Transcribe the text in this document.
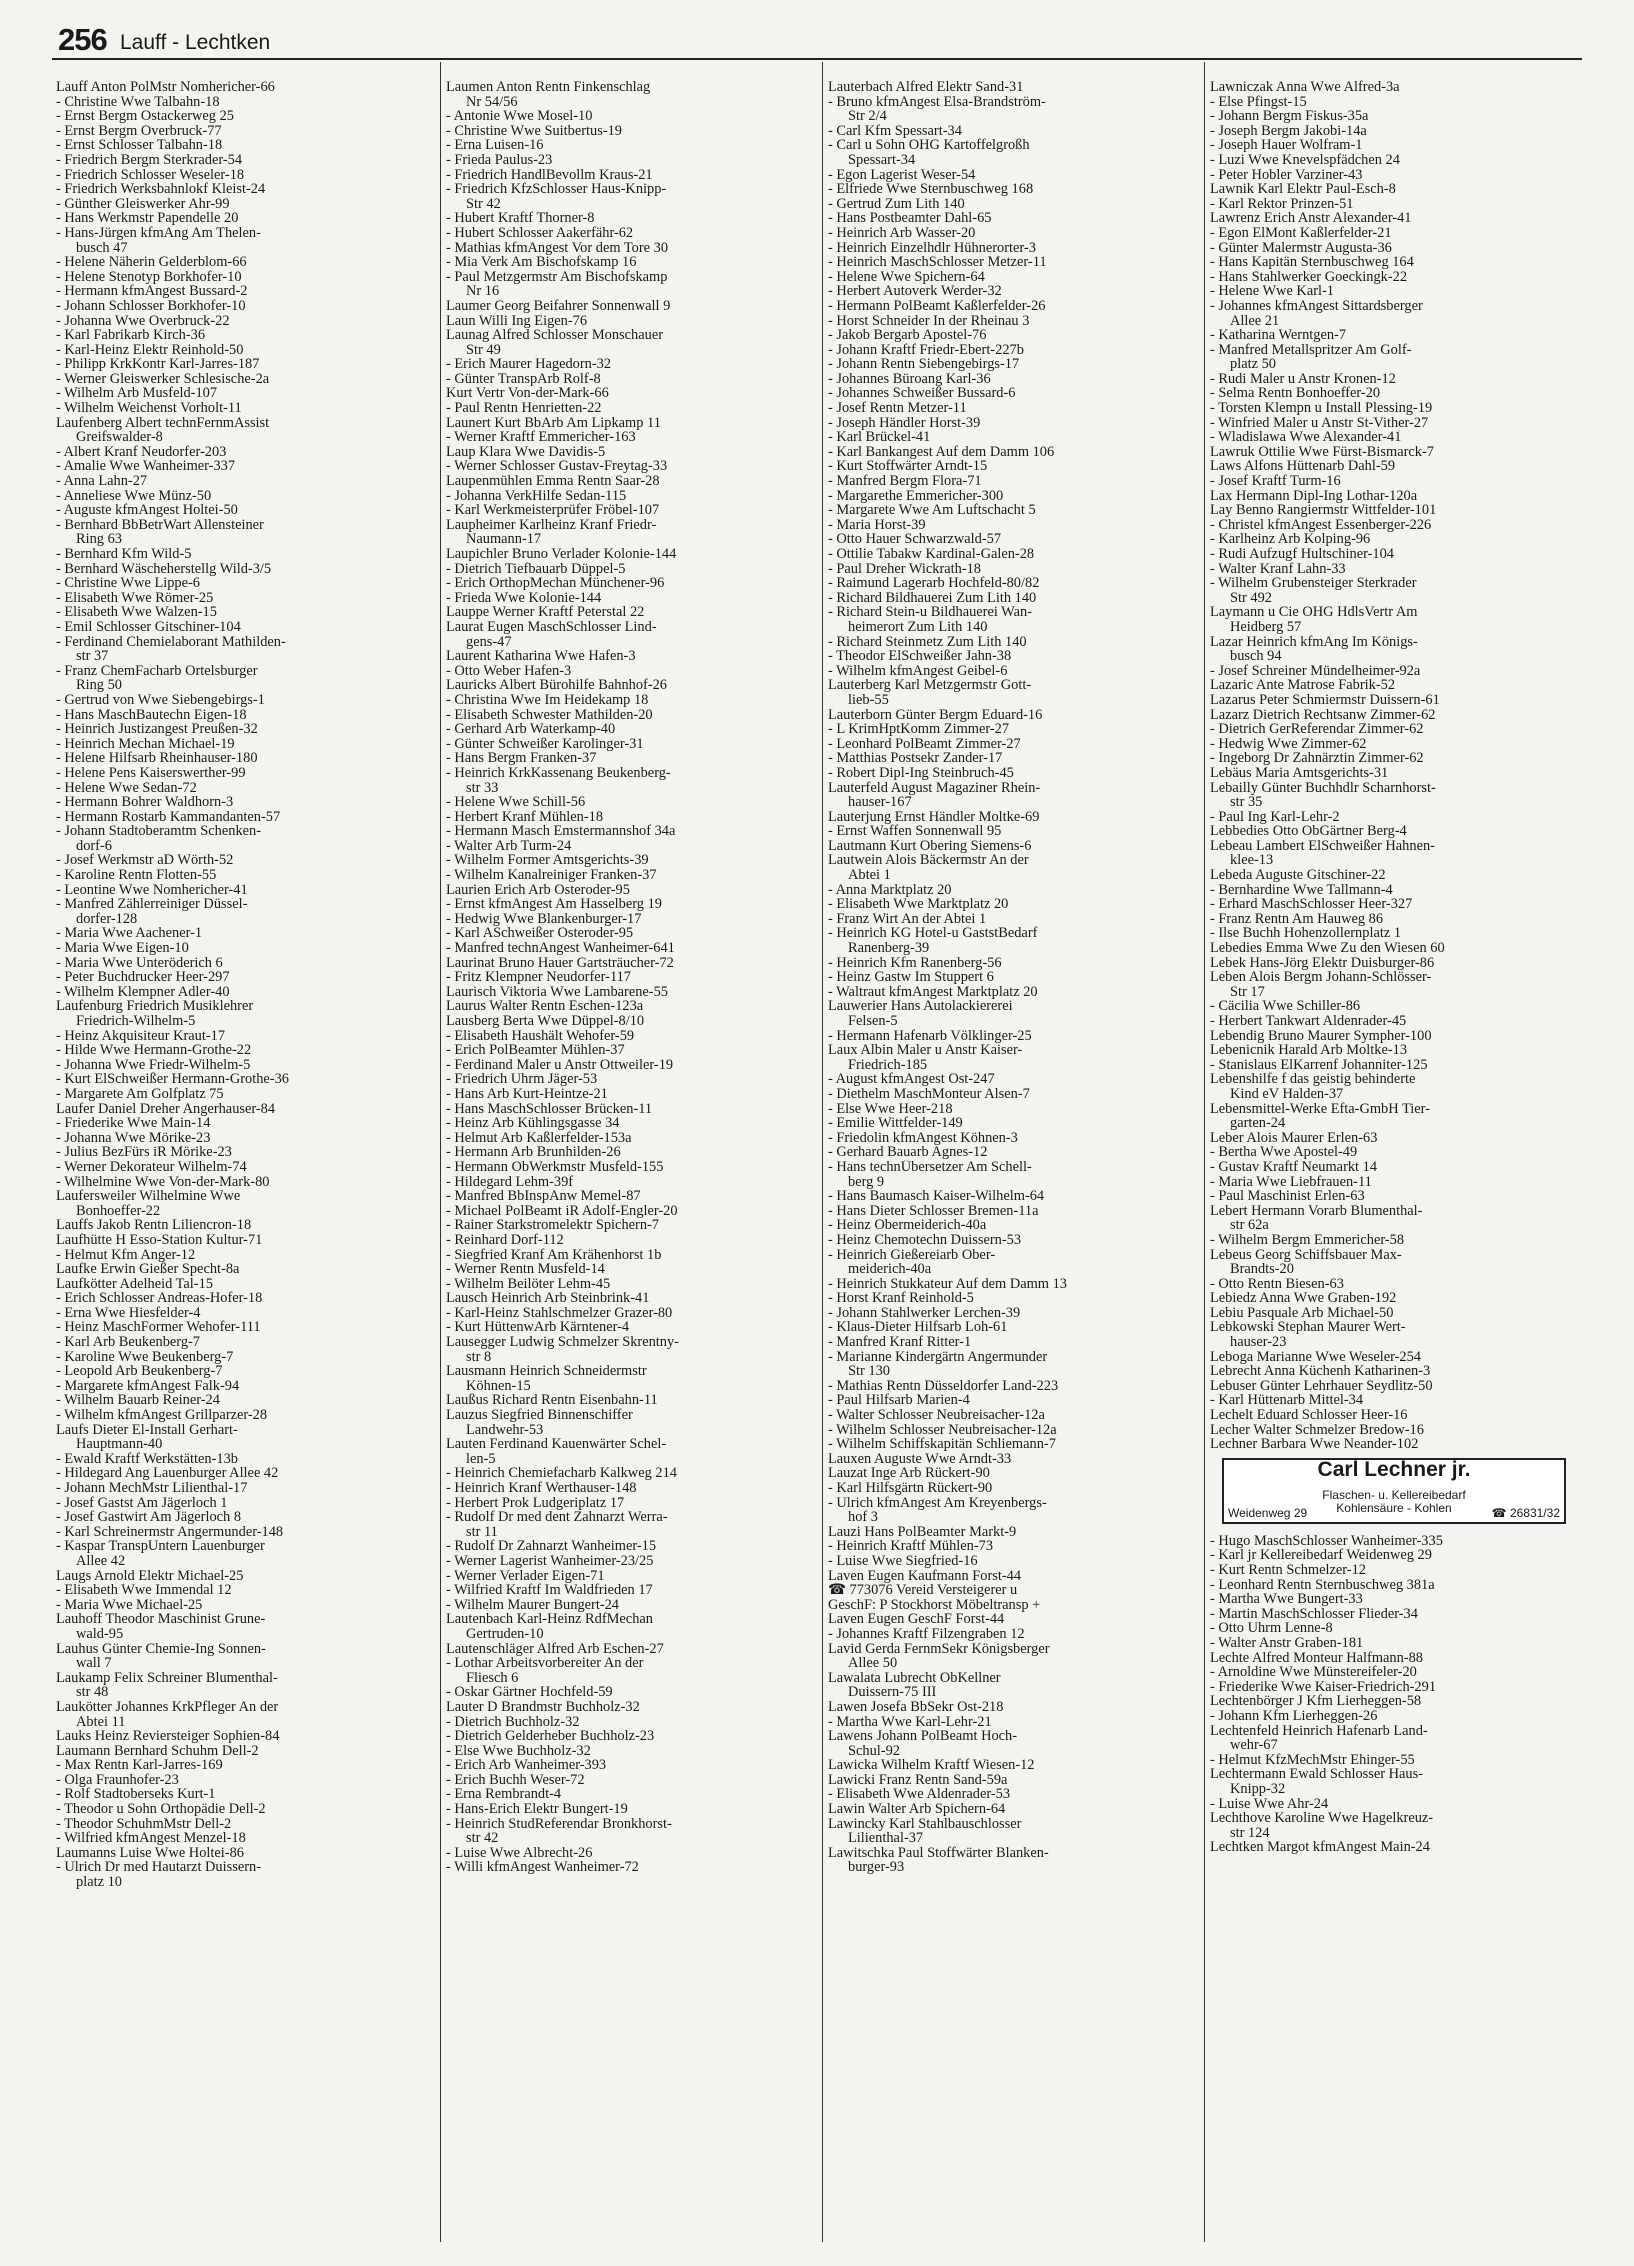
256 Lauff - Lechtken
Lauff Anton PolMstr Nomhericher-66
- Christine Wwe Talbahn-18
- Ernst Bergm Ostackerweg 25
- Ernst Bergm Overbruck-77
- Ernst Schlosser Talbahn-18
- Friedrich Bergm Sterkrader-54
- Friedrich Schlosser Weseler-18
- Friedrich Werksbahnlokf Kleist-24
- Günther Gleiswerker Ahr-99
- Hans Werkmstr Papendelle 20
- Hans-Jürgen kfmAng Am Thelen-
busch 47
- Helene Näherin Gelderblom-66
- Helene Stenotyp Borkhofer-10
- Hermann kfmAngest Bussard-2
- Johann Schlosser Borkhofer-10
- Johanna Wwe Overbruck-22
- Karl Fabrikarb Kirch-36
- Karl-Heinz Elektr Reinhold-50
- Philipp KrkKontr Karl-Jarres-187
- Werner Gleiswerker Schlesische-2a
- Wilhelm Arb Musfeld-107
- Wilhelm Weichenst Vorholt-11
Laufenberg Albert technFernmAssist
Greifswalder-8
- Albert Kranf Neudorfer-203
- Amalie Wwe Wanheimer-337
- Anna Lahn-27
- Anneliese Wwe Münz-50
- Auguste kfmAngest Holtei-50
- Bernhard BbBetrWart Allensteiner
Ring 63
- Bernhard Kfm Wild-5
- Bernhard Wäscheherstellg Wild-3/5
- Christine Wwe Lippe-6
- Elisabeth Wwe Römer-25
- Elisabeth Wwe Walzen-15
- Emil Schlosser Gitschiner-104
- Ferdinand Chemielaborant Mathilden-
str 37
- Franz ChemFacharb Ortelsburger
Ring 50
- Gertrud von Wwe Siebengebirgs-1
- Hans MaschBautechn Eigen-18
- Heinrich Justizangest Preußen-32
- Heinrich Mechan Michael-19
- Helene Hilfsarb Rheinhauser-180
- Helene Pens Kaiserswerther-99
- Helene Wwe Sedan-72
- Hermann Bohrer Waldhorn-3
- Hermann Rostarb Kammandanten-57
- Johann Stadtoberamtm Schenken-
dorf-6
- Josef Werkmstr aD Wörth-52
- Karoline Rentn Flotten-55
- Leontine Wwe Nomhericher-41
- Manfred Zählerreiniger Düssel-
dorfer-128
- Maria Wwe Aachener-1
- Maria Wwe Eigen-10
- Maria Wwe Unteröderich 6
- Peter Buchdrucker Heer-297
- Wilhelm Klempner Adler-40
Laufenburg Friedrich Musiklehrer
Friedrich-Wilhelm-5
- Heinz Akquisiteur Kraut-17
- Hilde Wwe Hermann-Grothe-22
- Johanna Wwe Friedr-Wilhelm-5
- Kurt ElSchweißer Hermann-Grothe-36
- Margarete Am Golfplatz 75
Laufer Daniel Dreher Angerhauser-84
- Friederike Wwe Main-14
- Johanna Wwe Mörike-23
- Julius BezFürs iR Mörike-23
- Werner Dekorateur Wilhelm-74
- Wilhelmine Wwe Von-der-Mark-80
Laufersweiler Wilhelmine Wwe
Bonhoeffer-22
Lauffs Jakob Rentn Liliencron-18
Laufhütte H Esso-Station Kultur-71
- Helmut Kfm Anger-12
Laufke Erwin Gießer Specht-8a
Laufkötter Adelheid Tal-15
- Erich Schlosser Andreas-Hofer-18
- Erna Wwe Hiesfelder-4
- Heinz MaschFormer Wehofer-111
- Karl Arb Beukenberg-7
- Karoline Wwe Beukenberg-7
- Leopold Arb Beukenberg-7
- Margarete kfmAngest Falk-94
- Wilhelm Bauarb Reiner-24
- Wilhelm kfmAngest Grillparzer-28
Laufs Dieter El-Install Gerhart-
Hauptmann-40
- Ewald Kraftf Werkstätten-13b
- Hildegard Ang Lauenburger Allee 42
- Johann MechMstr Lilienthal-17
- Josef Gastst Am Jägerloch 1
- Josef Gastwirt Am Jägerloch 8
- Karl Schreinermstr Angermunder-148
- Kaspar TranspUntern Lauenburger
Allee 42
Laugs Arnold Elektr Michael-25
- Elisabeth Wwe Immendal 12
- Maria Wwe Michael-25
Lauhoff Theodor Maschinist Grune-
wald-95
Lauhus Günter Chemie-Ing Sonnen-
wall 7
Laukamp Felix Schreiner Blumenthal-
str 48
Laukötter Johannes KrkPfleger An der
Abtei 11
Lauks Heinz Reviersteiger Sophien-84
Laumann Bernhard Schuhm Dell-2
- Max Rentn Karl-Jarres-169
- Olga Fraunhofer-23
- Rolf Stadtoberseks Kurt-1
- Theodor u Sohn Orthopädie Dell-2
- Theodor SchuhmMstr Dell-2
- Wilfried kfmAngest Menzel-18
Laumanns Luise Wwe Holtei-86
- Ulrich Dr med Hautarzt Duissern-
platz 10
Laumen Anton Rentn Finkenschlag
Nr 54/56
- Antonie Wwe Mosel-10
- Christine Wwe Suitbertus-19
- Erna Luisen-16
- Frieda Paulus-23
- Friedrich HandlBevollm Kraus-21
- Friedrich KfzSchlosser Haus-Knipp-
Str 42
- Hubert Kraftf Thorner-8
- Hubert Schlosser Aakerfähr-62
- Mathias kfmAngest Vor dem Tore 30
- Mia Verk Am Bischofskamp 16
- Paul Metzgermstr Am Bischofskamp
Nr 16
Laumer Georg Beifahrer Sonnenwall 9
Laun Willi Ing Eigen-76
Launag Alfred Schlosser Monschauer
Str 49
- Erich Maurer Hagedorn-32
- Günter TranspArb Rolf-8
Kurt Vertr Von-der-Mark-66
- Paul Rentn Henrietten-22
Launert Kurt BbArb Am Lipkamp 11
- Werner Kraftf Emmericher-163
Laup Klara Wwe Davidis-5
- Werner Schlosser Gustav-Freytag-33
Laupenmühlen Emma Rentn Saar-28
- Johanna VerkHilfe Sedan-115
- Karl Werkmeisterprüfer Fröbel-107
Laupheimer Karlheinz Kranf Friedr-
Naumann-17
Laupichler Bruno Verlader Kolonie-144
- Dietrich Tiefbauarb Düppel-5
- Erich OrthopMechan Münchener-96
- Frieda Wwe Kolonie-144
Lauppe Werner Kraftf Peterstal 22
Laurat Eugen MaschSchlosser Lind-
gens-47
Laurent Katharina Wwe Hafen-3
- Otto Weber Hafen-3
Lauricks Albert Bürohilfe Bahnhof-26
- Christina Wwe Im Heidekamp 18
- Elisabeth Schwester Mathilden-20
- Gerhard Arb Waterkamp-40
- Günter Schweißer Karolinger-31
- Hans Bergm Franken-37
- Heinrich KrkKassenang Beukenberg-
str 33
- Helene Wwe Schill-56
- Herbert Kranf Mühlen-18
- Hermann Masch Emstermannshof 34a
- Walter Arb Turm-24
- Wilhelm Former Amtsgerichts-39
- Wilhelm Kanalreiniger Franken-37
Laurien Erich Arb Osteroder-95
- Ernst kfmAngest Am Hasselberg 19
- Hedwig Wwe Blankenburger-17
- Karl ASchweißer Osteroder-95
- Manfred technAngest Wanheimer-641
Laurinat Bruno Hauer Gartsträucher-72
- Fritz Klempner Neudorfer-117
Laurisch Viktoria Wwe Lambarene-55
Laurus Walter Rentn Eschen-123a
Lausberg Berta Wwe Düppel-8/10
- Elisabeth Haushält Wehofer-59
- Erich PolBeamter Mühlen-37
- Ferdinand Maler u Anstr Ottweiler-19
- Friedrich Uhrm Jäger-53
- Hans Arb Kurt-Heintze-21
- Hans MaschSchlosser Brücken-11
- Heinz Arb Kühlingsgasse 34
- Helmut Arb Kaßlerfelder-153a
- Hermann Arb Brunhilden-26
- Hermann ObWerkmstr Musfeld-155
- Hildegard Lehm-39f
- Manfred BbInspAnw Memel-87
- Michael PolBeamt iR Adolf-Engler-20
- Rainer Starkstromelektr Spichern-7
- Reinhard Dorf-112
- Siegfried Kranf Am Krähenhorst 1b
- Werner Rentn Musfeld-14
- Wilhelm Beilöter Lehm-45
Lausch Heinrich Arb Steinbrink-41
- Karl-Heinz Stahlschmelzer Grazer-80
- Kurt HüttenwArb Kärntener-4
Lausegger Ludwig Schmelzer Skrentny-
str 8
Lausmann Heinrich Schneidermstr
Köhnen-15
Laußus Richard Rentn Eisenbahn-11
Lauzus Siegfried Binnenschiffer
Landwehr-53
Lauten Ferdinand Kauenwärter Schel-
len-5
- Heinrich Chemiefacharb Kalkweg 214
- Heinrich Kranf Werthauser-148
- Herbert Prok Ludgeriplatz 17
- Rudolf Dr med dent Zahnarzt Werra-
str 11
- Rudolf Dr Zahnarzt Wanheimer-15
- Werner Lagerist Wanheimer-23/25
- Werner Verlader Eigen-71
- Wilfried Kraftf Im Waldfrieden 17
- Wilhelm Maurer Bungert-24
Lautenbach Karl-Heinz RdfMechan
Gertruden-10
Lautenschläger Alfred Arb Eschen-27
- Lothar Arbeitsvorbereiter An der
Fliesch 6
- Oskar Gärtner Hochfeld-59
Lauter D Brandmstr Buchholz-32
- Dietrich Buchholz-32
- Dietrich Gelderheber Buchholz-23
- Else Wwe Buchholz-32
- Erich Arb Wanheimer-393
- Erich Buchh Weser-72
- Erna Rembrandt-4
- Hans-Erich Elektr Bungert-19
- Heinrich StudReferendar Bronkhorst-
str 42
- Luise Wwe Albrecht-26
- Willi kfmAngest Wanheimer-72
Lauterbach Alfred Elektr Sand-31
- Bruno kfmAngest Elsa-Brandström-
Str 2/4
- Carl Kfm Spessart-34
- Carl u Sohn OHG Kartoffelgroßh
Spessart-34
- Egon Lagerist Weser-54
- Elfriede Wwe Sternbuschweg 168
- Gertrud Zum Lith 140
- Hans Postbeamter Dahl-65
- Heinrich Arb Wasser-20
- Heinrich Einzelhdlr Hühnerorter-3
- Heinrich MaschSchlosser Metzer-11
- Helene Wwe Spichern-64
- Herbert Autoverk Werder-32
- Hermann PolBeamt Kaßlerfelder-26
- Horst Schneider In der Rheinau 3
- Jakob Bergarb Apostel-76
- Johann Kraftf Friedr-Ebert-227b
- Johann Rentn Siebengebirgs-17
- Johannes Büroang Karl-36
- Johannes Schweißer Bussard-6
- Josef Rentn Metzer-11
- Joseph Händler Horst-39
- Karl Brückel-41
- Karl Bankangest Auf dem Damm 106
- Kurt Stoffwärter Arndt-15
- Manfred Bergm Flora-71
- Margarethe Emmericher-300
- Margarete Wwe Am Luftschacht 5
- Maria Horst-39
- Otto Hauer Schwarzwald-57
- Ottilie Tabakw Kardinal-Galen-28
- Paul Dreher Wickrath-18
- Raimund Lagerarb Hochfeld-80/82
- Richard Bildhauerei Zum Lith 140
- Richard Stein-u Bildhauerei Wan-
heimerort Zum Lith 140
- Richard Steinmetz Zum Lith 140
- Theodor ElSchweißer Jahn-38
- Wilhelm kfmAngest Geibel-6
Lauterberg Karl Metzgermstr Gott-
lieb-55
Lauterborn Günter Bergm Eduard-16
- L KrimHptKomm Zimmer-27
- Leonhard PolBeamt Zimmer-27
- Matthias Postsekr Zander-17
- Robert Dipl-Ing Steinbruch-45
Lauterfeld August Magaziner Rhein-
hauser-167
Lauterjung Ernst Händler Moltke-69
- Ernst Waffen Sonnenwall 95
Lautmann Kurt Obering Siemens-6
Lautwein Alois Bäckermstr An der
Abtei 1
- Anna Marktplatz 20
- Elisabeth Wwe Marktplatz 20
- Franz Wirt An der Abtei 1
- Heinrich KG Hotel-u GaststBedarf
Ranenberg-39
- Heinrich Kfm Ranenberg-56
- Heinz Gastw Im Stuppert 6
- Waltraut kfmAngest Marktplatz 20
Lauwerier Hans Autolackiererei
Felsen-5
- Hermann Hafenarb Völklinger-25
Laux Albin Maler u Anstr Kaiser-
Friedrich-185
- August kfmAngest Ost-247
- Diethelm MaschMonteur Alsen-7
- Else Wwe Heer-218
- Emilie Wittfelder-149
- Friedolin kfmAngest Köhnen-3
- Gerhard Bauarb Agnes-12
- Hans technÜbersetzer Am Schell-
berg 9
- Hans Baumasch Kaiser-Wilhelm-64
- Hans Dieter Schlosser Bremen-11a
- Heinz Obermeiderich-40a
- Heinz Chemotechn Duissern-53
- Heinrich Gießereiarb Ober-
meiderich-40a
- Heinrich Stukkateur Auf dem Damm 13
- Horst Kranf Reinhold-5
- Johann Stahlwerker Lerchen-39
- Klaus-Dieter Hilfsarb Loh-61
- Manfred Kranf Ritter-1
- Marianne Kindergärtn Angermunder
Str 130
- Mathias Rentn Düsseldorfer Land-223
- Paul Hilfsarb Marien-4
- Walter Schlosser Neubreisacher-12a
- Wilhelm Schlosser Neubreisacher-12a
- Wilhelm Schiffskapitän Schliemann-7
Lauxen Auguste Wwe Arndt-33
Lauzat Inge Arb Rückert-90
- Karl Hilfsgärtn Rückert-90
- Ulrich kfmAngest Am Kreyenbergs-
hof 3
Lauzi Hans PolBeamter Markt-9
- Heinrich Kraftf Mühlen-73
- Luise Wwe Siegfried-16
Laven Eugen Kaufmann Forst-44
☎ 773076 Vereid Versteigerer u
GeschF: P Stockhorst Möbeltransp +
Laven Eugen GeschF Forst-44
- Johannes Kraftf Filzengraben 12
Lavid Gerda FernmSekr Königsberger
Allee 50
Lawalata Lubrecht ObKellner
Duissern-75 III
Lawen Josefa BbSekr Ost-218
- Martha Wwe Karl-Lehr-21
Lawens Johann PolBeamt Hoch-
Schul-92
Lawicka Wilhelm Kraftf Wiesen-12
Lawicki Franz Rentn Sand-59a
- Elisabeth Wwe Aldenrader-53
Lawin Walter Arb Spichern-64
Lawincky Karl Stahlbauschlosser
Lilienthal-37
Lawitschka Paul Stoffwärter Blanken-
burger-93
Lawniczak Anna Wwe Alfred-3a
- Else Pfingst-15
- Johann Bergm Fiskus-35a
- Joseph Bergm Jakobi-14a
- Joseph Hauer Wolfram-1
- Luzi Wwe Knevelspfädchen 24
- Peter Hobler Varziner-43
Lawnik Karl Elektr Paul-Esch-8
- Karl Rektor Prinzen-51
Lawrenz Erich Anstr Alexander-41
- Egon ElMont Kaßlerfelder-21
- Günter Malermstr Augusta-36
- Hans Kapitän Sternbuschweg 164
- Hans Stahlwerker Goeckingk-22
- Helene Wwe Karl-1
- Johannes kfmAngest Sittardsberger
Allee 21
- Katharina Werntgen-7
- Manfred Metallspritzer Am Golf-
platz 50
- Rudi Maler u Anstr Kronen-12
- Selma Rentn Bonhoeffer-20
- Torsten Klempn u Install Plessing-19
- Winfried Maler u Anstr St-Vither-27
- Wladislawa Wwe Alexander-41
Lawruk Ottilie Wwe Fürst-Bismarck-7
Laws Alfons Hüttenarb Dahl-59
- Josef Kraftf Turm-16
Lax Hermann Dipl-Ing Lothar-120a
Lay Benno Rangiermstr Wittfelder-101
- Christel kfmAngest Essenberger-226
- Karlheinz Arb Kolping-96
- Rudi Aufzugf Hultschiner-104
- Walter Kranf Lahn-33
- Wilhelm Grubensteiger Sterkrader
Str 492
Laymann u Cie OHG HdlsVertr Am
Heidberg 57
Lazar Heinrich kfmAng Im Königs-
busch 94
- Josef Schreiner Mündelheimer-92a
Lazaric Ante Matrose Fabrik-52
Lazarus Peter Schmiermstr Duissern-61
Lazarz Dietrich Rechtsanw Zimmer-62
- Dietrich GerReferendar Zimmer-62
- Hedwig Wwe Zimmer-62
- Ingeborg Dr Zahnärztin Zimmer-62
Lebäus Maria Amtsgerichts-31
Lebailly Günter Buchhdlr Scharnhorst-
str 35
- Paul Ing Karl-Lehr-2
Lebbedies Otto ObGärtner Berg-4
Lebeau Lambert ElSchweißer Hahnen-
klee-13
Lebeda Auguste Gitschiner-22
- Bernhardine Wwe Tallmann-4
- Erhard MaschSchlosser Heer-327
- Franz Rentn Am Hauweg 86
- Ilse Buchh Hohenzollernplatz 1
Lebedies Emma Wwe Zu den Wiesen 60
Lebek Hans-Jörg Elektr Duisburger-86
Leben Alois Bergm Johann-Schlösser-
Str 17
- Cäcilia Wwe Schiller-86
- Herbert Tankwart Aldenrader-45
Lebendig Bruno Maurer Sympher-100
Lebenicnik Harald Arb Moltke-13
- Stanislaus ElKarrenf Johanniter-125
Lebenshilfe f das geistig behinderte
Kind eV Halden-37
Lebensmittel-Werke Efta-GmbH Tier-
garten-24
Leber Alois Maurer Erlen-63
- Bertha Wwe Apostel-49
- Gustav Kraftf Neumarkt 14
- Maria Wwe Liebfrauen-11
- Paul Maschinist Erlen-63
Lebert Hermann Vorarb Blumenthal-
str 62a
- Wilhelm Bergm Emmericher-58
Lebeus Georg Schiffsbauer Max-
Brandts-20
- Otto Rentn Biesen-63
Lebiedz Anna Wwe Graben-192
Lebiu Pasquale Arb Michael-50
Lebkowski Stephan Maurer Wert-
hauser-23
Leboga Marianne Wwe Weseler-254
Lebrecht Anna Küchenh Katharinen-3
Lebuser Günter Lehrhauer Seydlitz-50
- Karl Hüttenarb Mittel-34
Lechelt Eduard Schlosser Heer-16
Lecher Walter Schmelzer Bredow-16
Lechner Barbara Wwe Neander-102
Carl Lechner jr.
Flaschen- u. Kellereibedarf
Kohlensäure - Kohlen
Weidenweg 29	☎ 26831/32
- Hugo MaschSchlosser Wanheimer-335
- Karl jr Kellereibedarf Weidenweg 29
- Kurt Rentn Schmelzer-12
- Leonhard Rentn Sternbuschweg 381a
- Martha Wwe Bungert-33
- Martin MaschSchlosser Flieder-34
- Otto Uhrm Lenne-8
- Walter Anstr Graben-181
Lechte Alfred Monteur Halfmann-88
- Arnoldine Wwe Münstereifeler-20
- Friederike Wwe Kaiser-Friedrich-291
Lechtenbörger J Kfm Lierheggen-58
- Johann Kfm Lierheggen-26
Lechtenfeld Heinrich Hafenarb Land-
wehr-67
- Helmut KfzMechMstr Ehinger-55
Lechtermann Ewald Schlosser Haus-
Knipp-32
- Luise Wwe Ahr-24
Lechthove Karoline Wwe Hagelkreuz-
str 124
Lechtken Margot kfmAngest Main-24
